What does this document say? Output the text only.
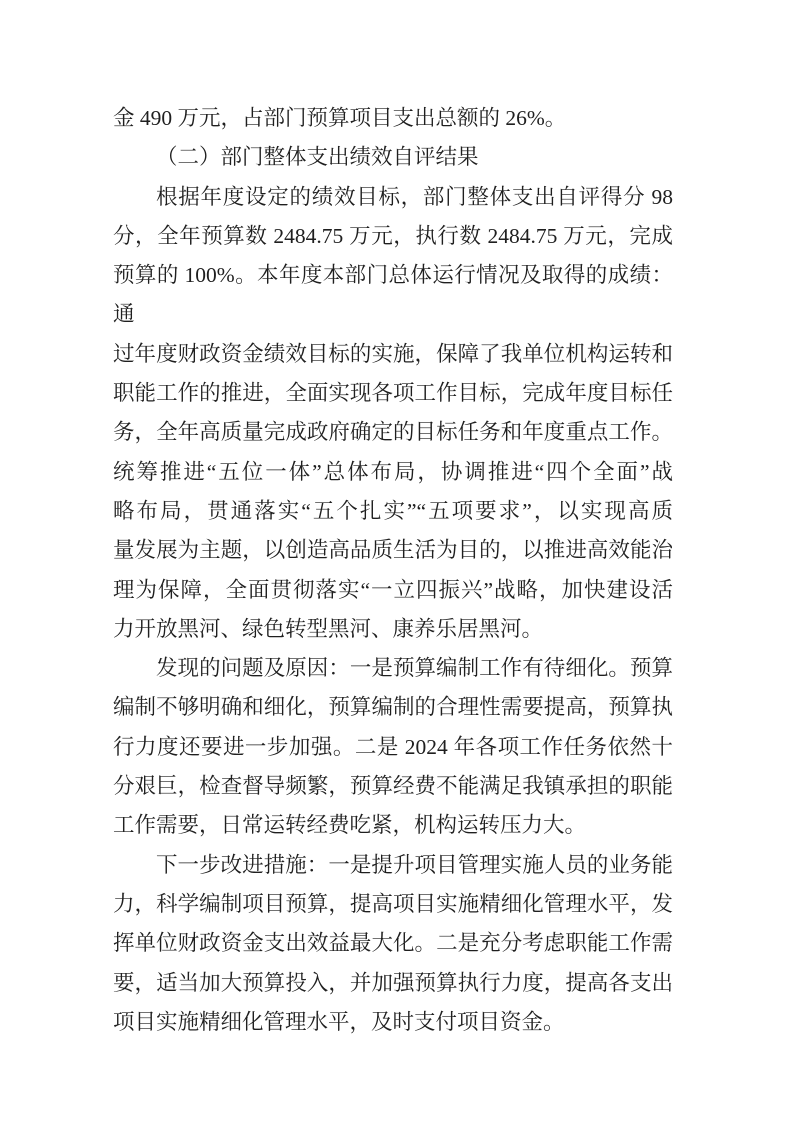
金 490 万元，占部门预算项目支出总额的 26%。
（二）部门整体支出绩效自评结果
根据年度设定的绩效目标，部门整体支出自评得分 98
分，全年预算数 2484.75 万元，执行数 2484.75 万元，完成
预算的 100%。本年度本部门总体运行情况及取得的成绩：通
过年度财政资金绩效目标的实施，保障了我单位机构运转和
职能工作的推进，全面实现各项工作目标，完成年度目标任
务，全年高质量完成政府确定的目标任务和年度重点工作。
统筹推进“五位一体”总体布局，协调推进“四个全面”战
略布局，贯通落实“五个扎实”“五项要求”，以实现高质
量发展为主题，以创造高品质生活为目的，以推进高效能治
理为保障，全面贯彻落实“一立四振兴”战略，加快建设活
力开放黑河、绿色转型黑河、康养乐居黑河。
发现的问题及原因：一是预算编制工作有待细化。预算
编制不够明确和细化，预算编制的合理性需要提高，预算执
行力度还要进一步加强。二是 2024 年各项工作任务依然十
分艰巨，检查督导频繁，预算经费不能满足我镇承担的职能
工作需要，日常运转经费吃紧，机构运转压力大。
下一步改进措施：一是提升项目管理实施人员的业务能
力，科学编制项目预算，提高项目实施精细化管理水平，发
挥单位财政资金支出效益最大化。二是充分考虑职能工作需
要，适当加大预算投入，并加强预算执行力度，提高各支出
项目实施精细化管理水平，及时支付项目资金。
